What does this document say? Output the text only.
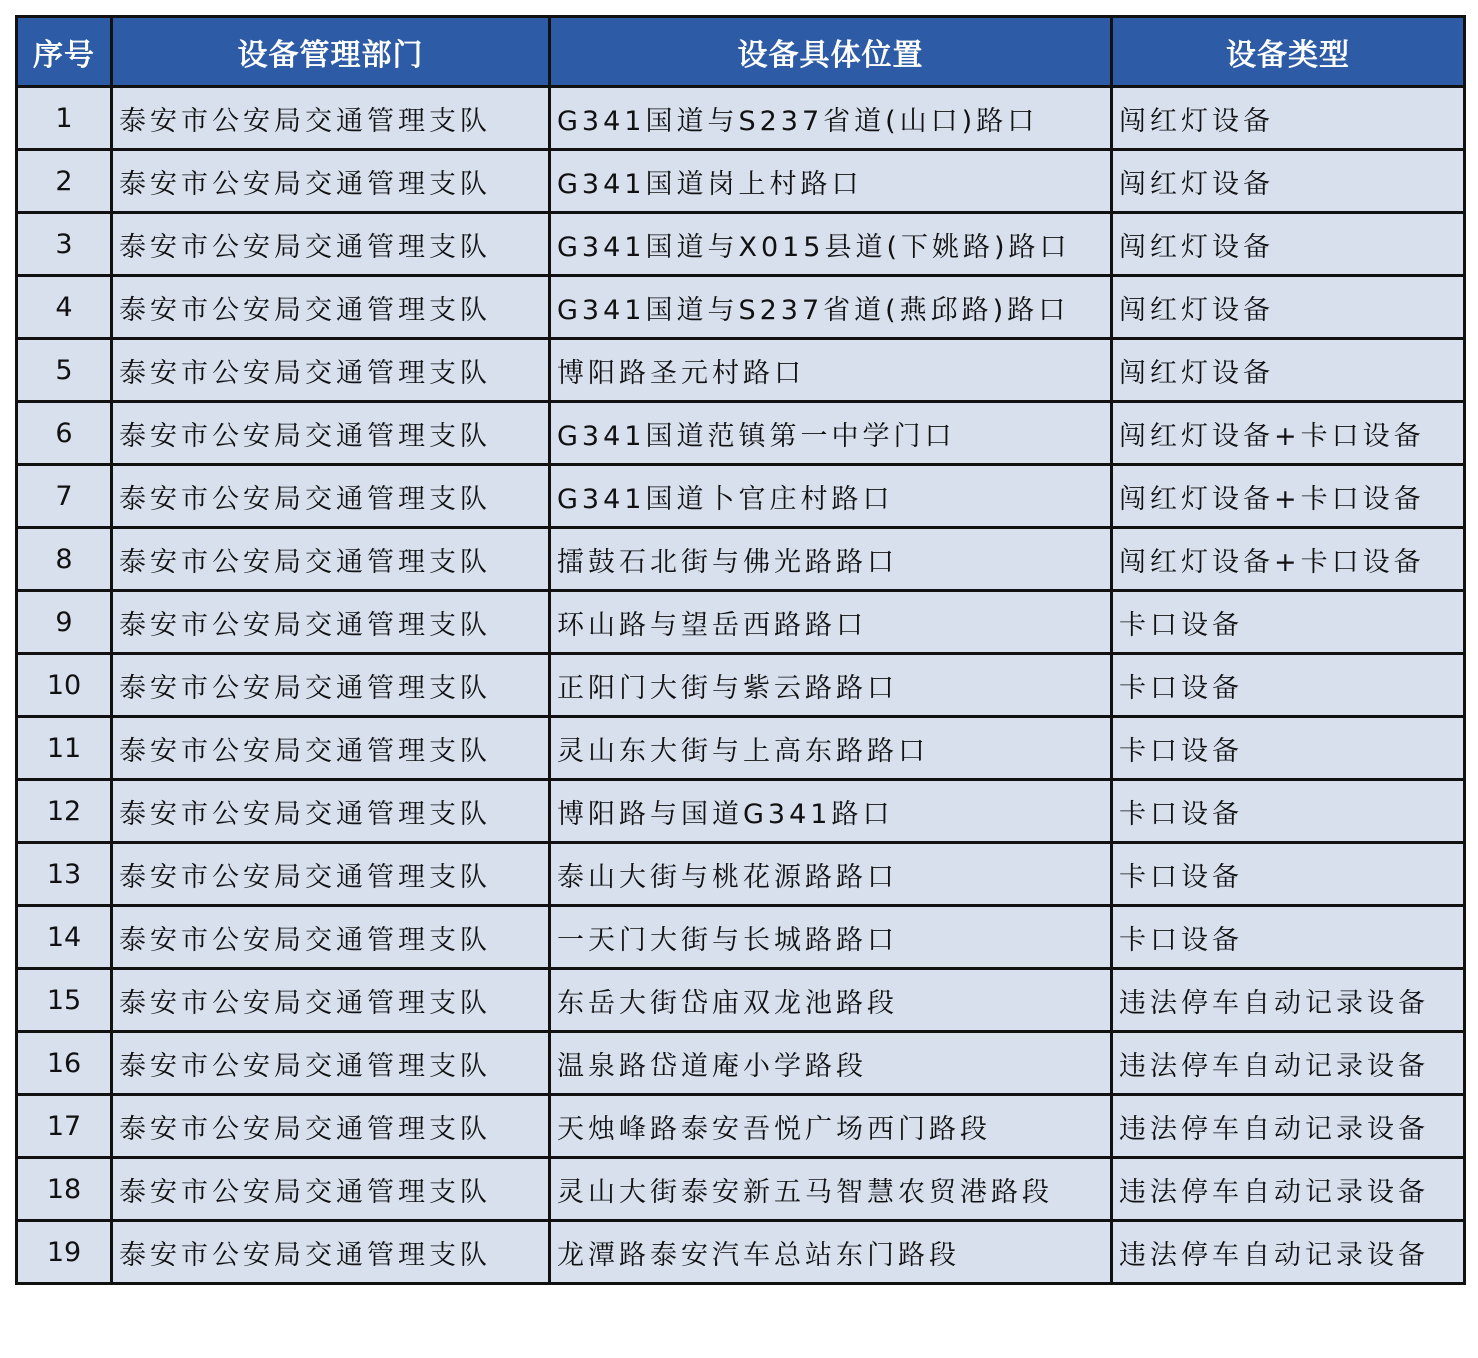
序号	设备管理部门	设备具体位置	设备类型
1	泰安市公安局交通管理支队	G341国道与S237省道(山口)路口	闯红灯设备
2	泰安市公安局交通管理支队	G341国道岗上村路口	闯红灯设备
3	泰安市公安局交通管理支队	G341国道与X015县道(下姚路)路口	闯红灯设备
4	泰安市公安局交通管理支队	G341国道与S237省道(燕邱路)路口	闯红灯设备
5	泰安市公安局交通管理支队	博阳路圣元村路口	闯红灯设备
6	泰安市公安局交通管理支队	G341国道范镇第一中学门口	闯红灯设备+卡口设备
7	泰安市公安局交通管理支队	G341国道卜官庄村路口	闯红灯设备+卡口设备
8	泰安市公安局交通管理支队	擂鼓石北街与佛光路路口	闯红灯设备+卡口设备
9	泰安市公安局交通管理支队	环山路与望岳西路路口	卡口设备
10	泰安市公安局交通管理支队	正阳门大街与紫云路路口	卡口设备
11	泰安市公安局交通管理支队	灵山东大街与上高东路路口	卡口设备
12	泰安市公安局交通管理支队	博阳路与国道G341路口	卡口设备
13	泰安市公安局交通管理支队	泰山大街与桃花源路路口	卡口设备
14	泰安市公安局交通管理支队	一天门大街与长城路路口	卡口设备
15	泰安市公安局交通管理支队	东岳大街岱庙双龙池路段	违法停车自动记录设备
16	泰安市公安局交通管理支队	温泉路岱道庵小学路段	违法停车自动记录设备
17	泰安市公安局交通管理支队	天烛峰路泰安吾悦广场西门路段	违法停车自动记录设备
18	泰安市公安局交通管理支队	灵山大街泰安新五马智慧农贸港路段	违法停车自动记录设备
19	泰安市公安局交通管理支队	龙潭路泰安汽车总站东门路段	违法停车自动记录设备
